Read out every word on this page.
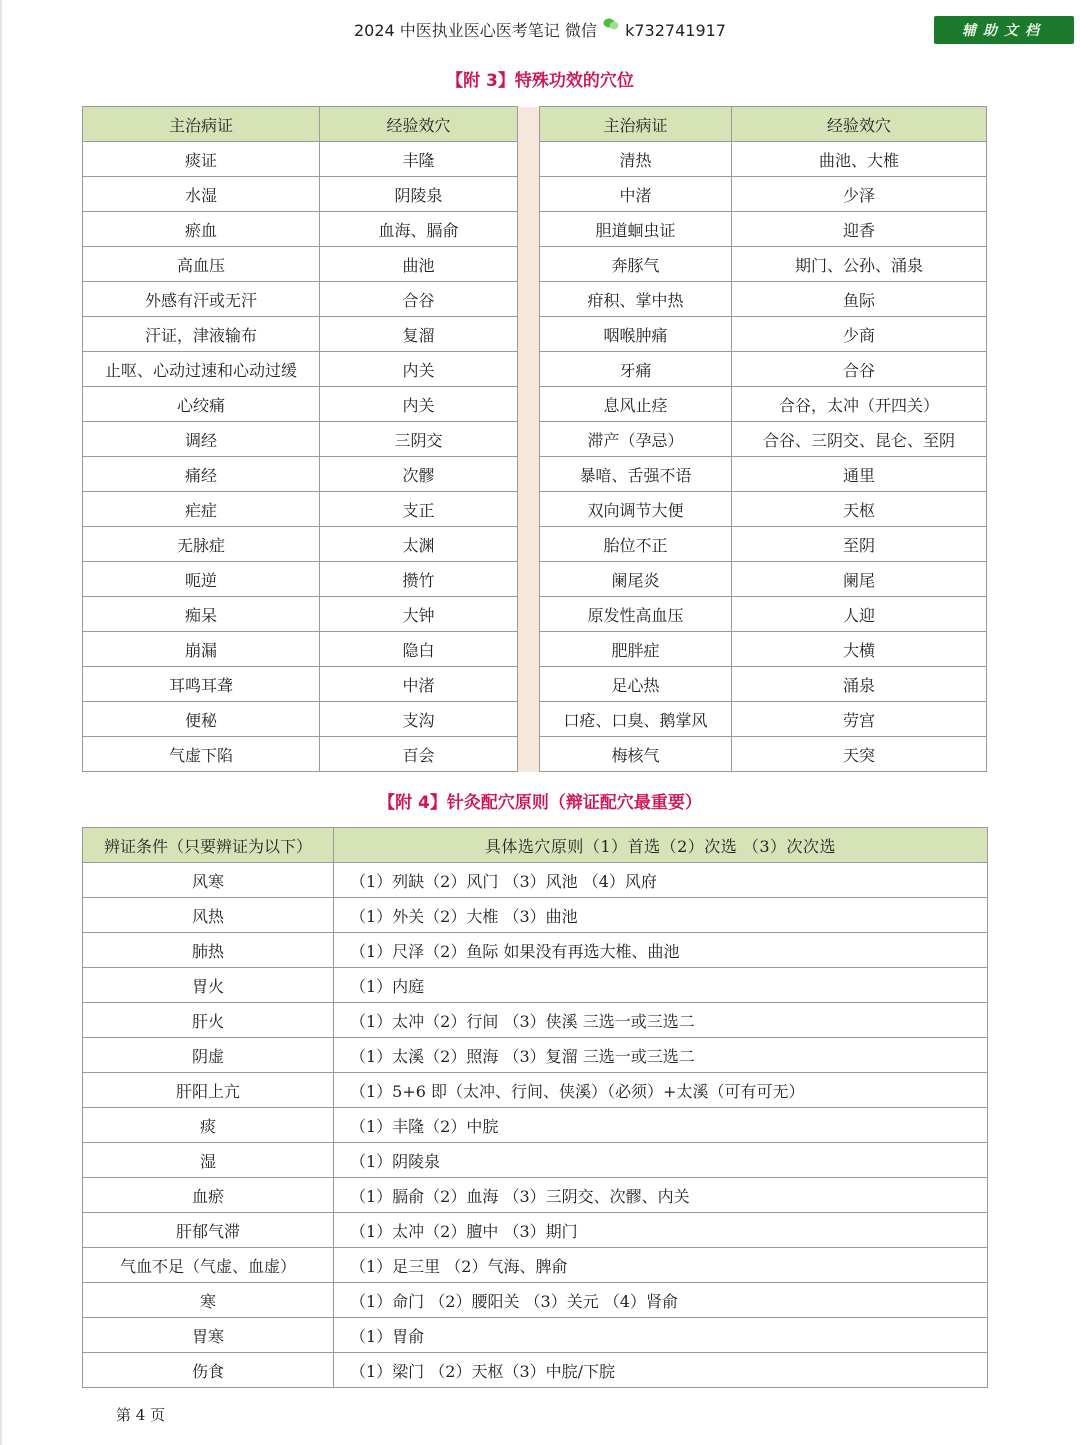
2024 中医执业医心医考笔记 微信 k732741917	辅助文档
【附 3】特殊功效的穴位
主治病证	经验效穴		主治病证	经验效穴
痰证	丰隆		清热	曲池、大椎
水湿	阴陵泉		中渚	少泽
瘀血	血海、膈俞		胆道蛔虫证	迎香
高血压	曲池		奔豚气	期门、公孙、涌泉
外感有汗或无汗	合谷		疳积、掌中热	鱼际
汗证，津液输布	复溜		咽喉肿痛	少商
止呕、心动过速和心动过缓	内关		牙痛	合谷
心绞痛	内关		息风止痉	合谷，太冲（开四关）
调经	三阴交		滞产（孕忌）	合谷、三阴交、昆仑、至阴
痛经	次髎		暴喑、舌强不语	通里
疟症	支正		双向调节大便	天枢
无脉症	太渊		胎位不正	至阴
呃逆	攒竹		阑尾炎	阑尾
痴呆	大钟		原发性高血压	人迎
崩漏	隐白		肥胖症	大横
耳鸣耳聋	中渚		足心热	涌泉
便秘	支沟		口疮、口臭、鹅掌风	劳宫
气虚下陷	百会		梅核气	天突
【附 4】针灸配穴原则（辩证配穴最重要）
辨证条件（只要辨证为以下）	具体选穴原则（1）首选（2）次选 （3）次次选
风寒	（1）列缺（2）风门 （3）风池 （4）风府
风热	（1）外关（2）大椎 （3）曲池
肺热	（1）尺泽（2）鱼际 如果没有再选大椎、曲池
胃火	（1）内庭
肝火	（1）太冲（2）行间 （3）侠溪 三选一或三选二
阴虚	（1）太溪（2）照海 （3）复溜 三选一或三选二
肝阳上亢	（1）5+6 即（太冲、行间、侠溪）（必须）+太溪（可有可无）
痰	（1）丰隆（2）中脘
湿	（1）阴陵泉
血瘀	（1）膈俞（2）血海 （3）三阴交、次髎、内关
肝郁气滞	（1）太冲（2）膻中 （3）期门
气血不足（气虚、血虚）	（1）足三里 （2）气海、脾俞
寒	（1）命门 （2）腰阳关 （3）关元 （4）肾俞
胃寒	（1）胃俞
伤食	（1）梁门 （2）天枢（3）中脘/下脘
第 4 页
